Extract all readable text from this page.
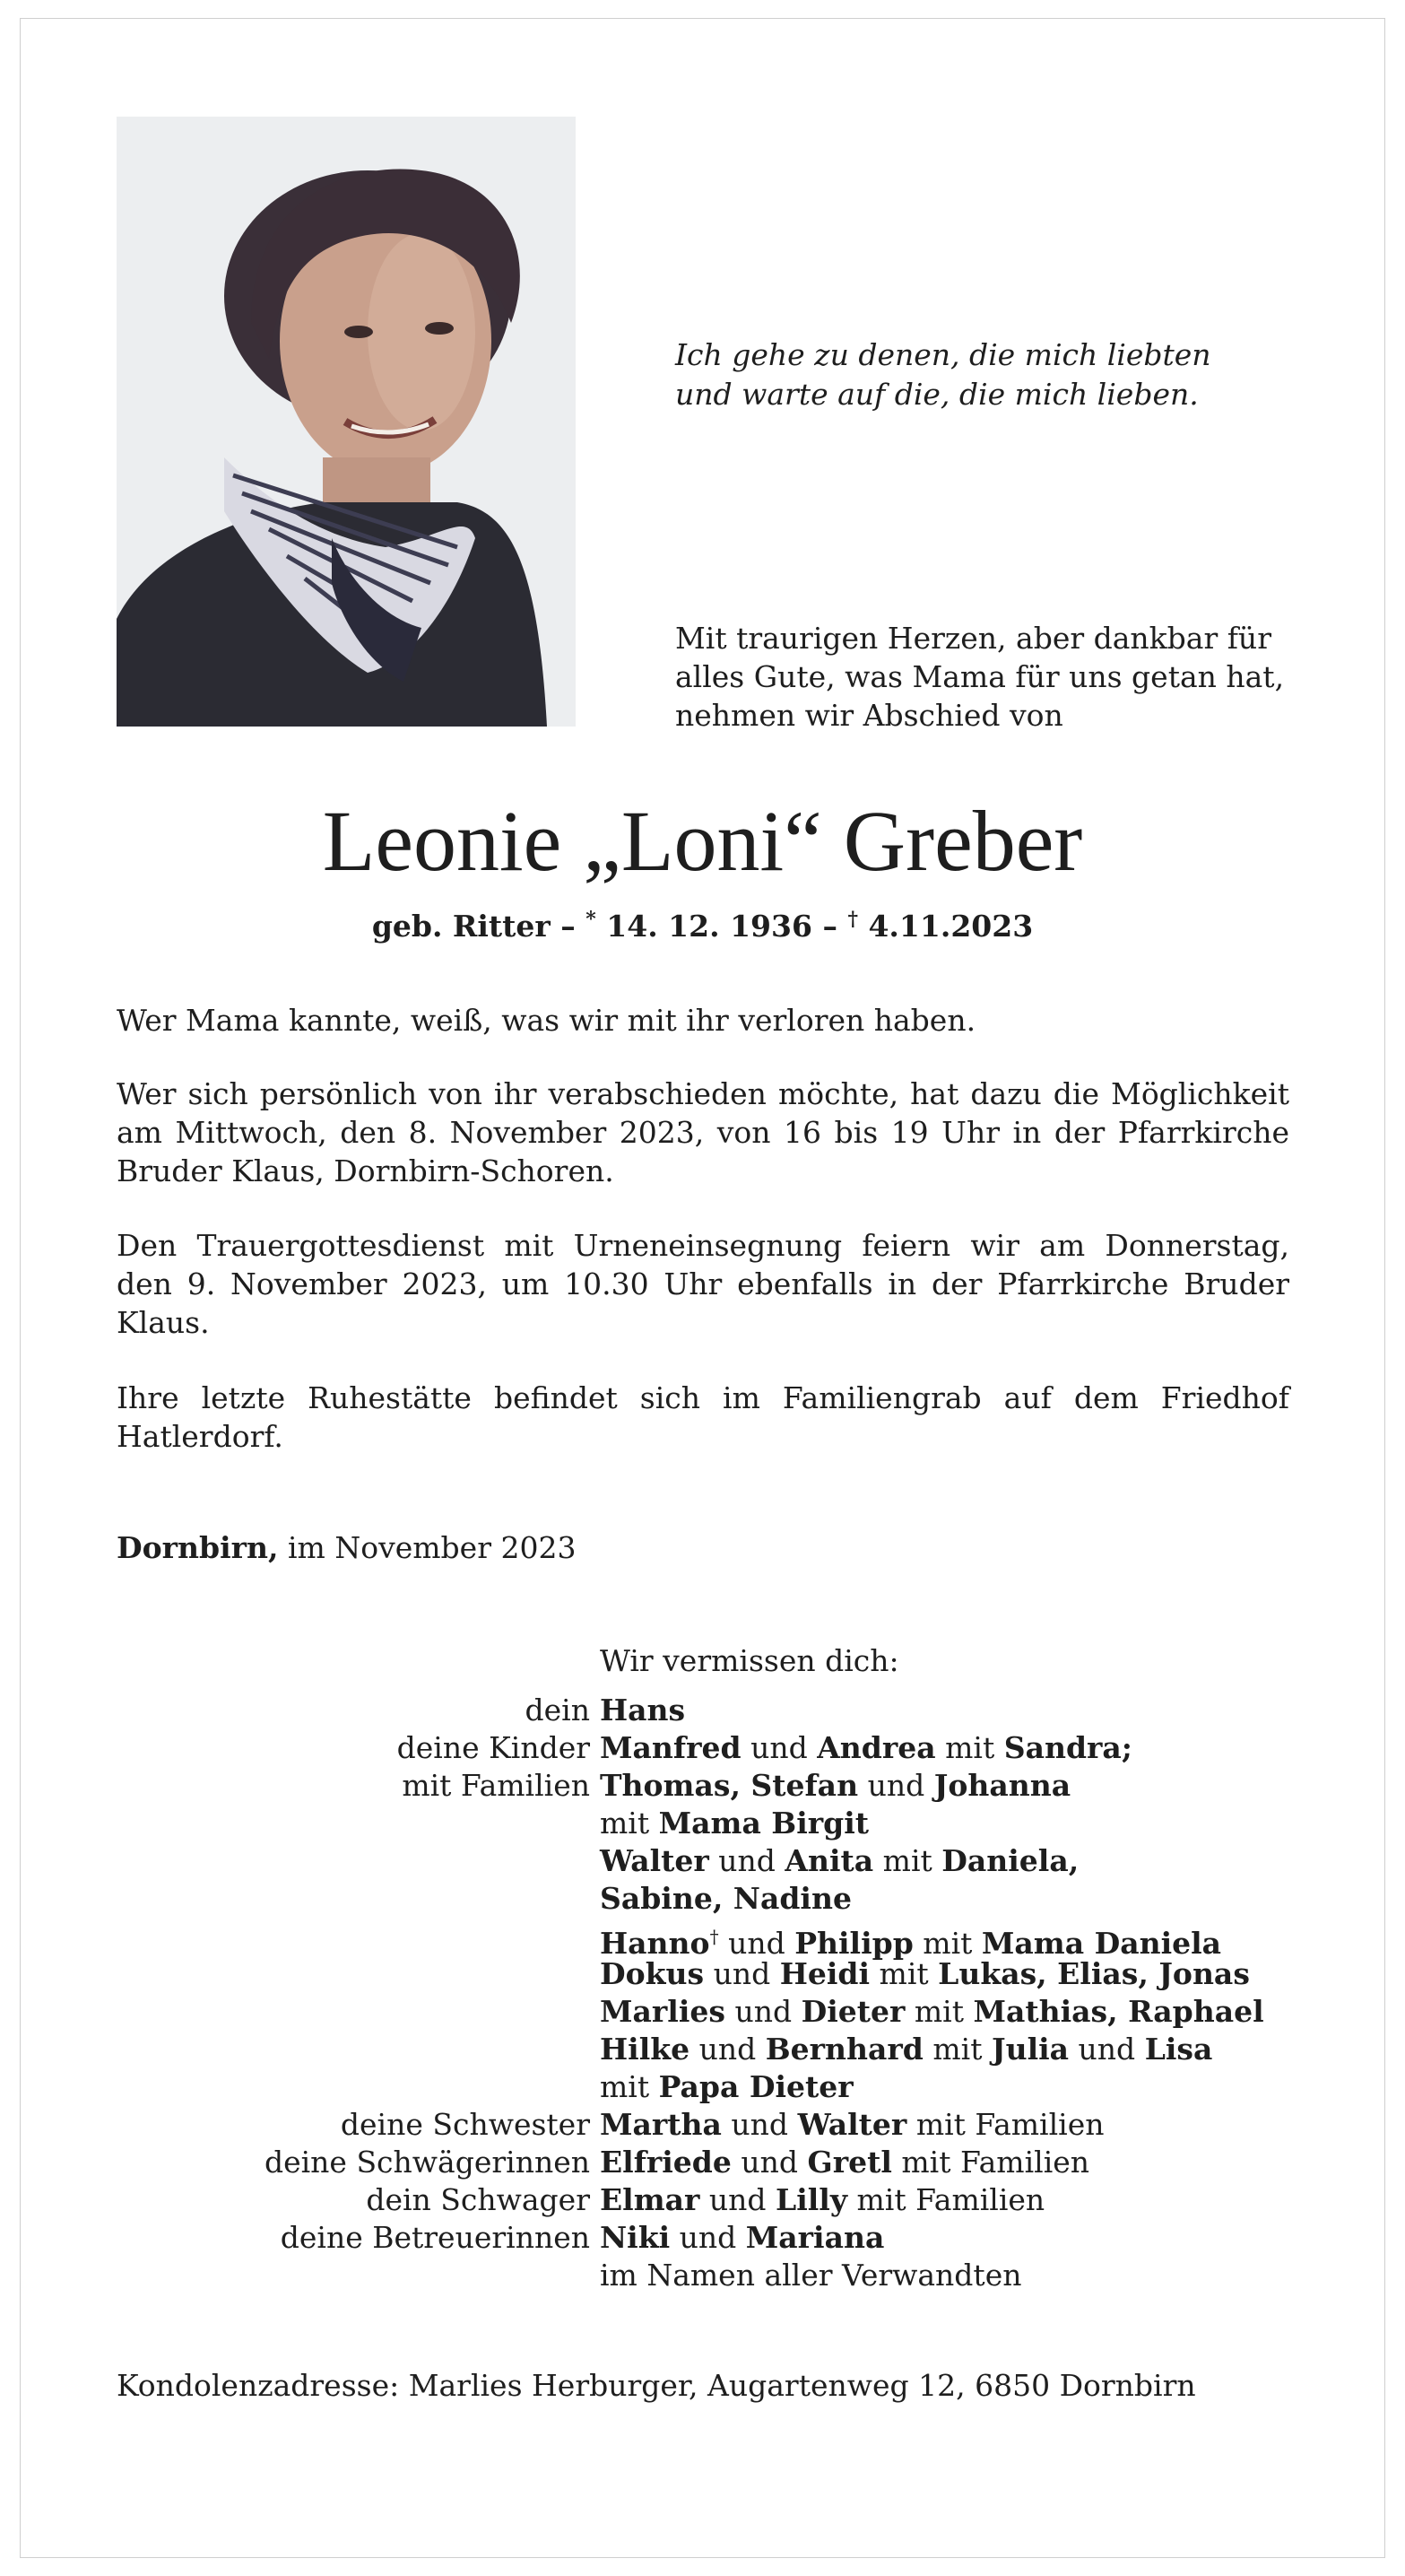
Ich gehe zu denen, die mich liebten
und warte auf die, die mich lieben.
Mit traurigen Herzen, aber dankbar für
alles Gute, was Mama für uns getan hat,
nehmen wir Abschied von
Leonie „Loni“ Greber
geb. Ritter – * 14. 12. 1936 – † 4.11.2023
Wer Mama kannte, weiß, was wir mit ihr verloren haben.
Wer sich persönlich von ihr verabschieden möchte, hat dazu die Möglichkeit
am Mittwoch, den 8. November 2023, von 16 bis 19 Uhr in der Pfarrkirche
Bruder Klaus, Dornbirn-Schoren.
Den Trauergottesdienst mit Urneneinsegnung feiern wir am Donnerstag,
den 9. November 2023, um 10.30 Uhr ebenfalls in der Pfarrkirche Bruder
Klaus.
Ihre letzte Ruhestätte befindet sich im Familiengrab auf dem Friedhof
Hatlerdorf.
Dornbirn, im November 2023
Wir vermissen dich:
dein Hans
deine Kinder Manfred und Andrea mit Sandra;
mit Familien Thomas, Stefan und Johanna
mit Mama Birgit
Walter und Anita mit Daniela,
Sabine, Nadine
Hanno† und Philipp mit Mama Daniela
Dokus und Heidi mit Lukas, Elias, Jonas
Marlies und Dieter mit Mathias, Raphael
Hilke und Bernhard mit Julia und Lisa
mit Papa Dieter
deine Schwester Martha und Walter mit Familien
deine Schwägerinnen Elfriede und Gretl mit Familien
dein Schwager Elmar und Lilly mit Familien
deine Betreuerinnen Niki und Mariana
im Namen aller Verwandten
Kondolenzadresse: Marlies Herburger, Augartenweg 12, 6850 Dornbirn
